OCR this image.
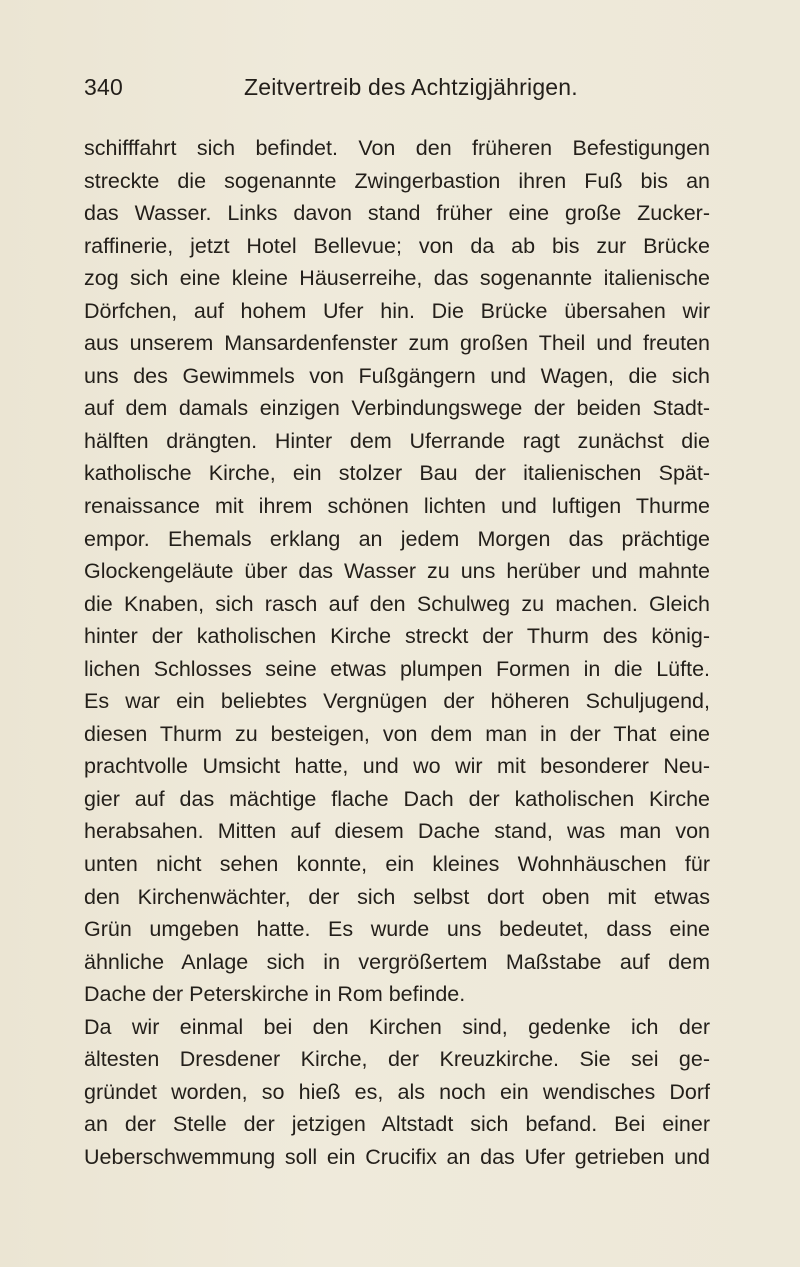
340	Zeitvertreib des Achtzigjährigen.
schifffahrt sich befindet. Von den früheren Befestigungen
streckte die sogenannte Zwingerbastion ihren Fuß bis an
das Wasser. Links davon stand früher eine große Zucker-
raffinerie, jetzt Hotel Bellevue; von da ab bis zur Brücke
zog sich eine kleine Häuserreihe, das sogenannte italienische
Dörfchen, auf hohem Ufer hin. Die Brücke übersahen wir
aus unserem Mansardenfenster zum großen Theil und freuten
uns des Gewimmels von Fußgängern und Wagen, die sich
auf dem damals einzigen Verbindungswege der beiden Stadt-
hälften drängten. Hinter dem Uferrande ragt zunächst die
katholische Kirche, ein stolzer Bau der italienischen Spät-
renaissance mit ihrem schönen lichten und luftigen Thurme
empor. Ehemals erklang an jedem Morgen das prächtige
Glockengeläute über das Wasser zu uns herüber und mahnte
die Knaben, sich rasch auf den Schulweg zu machen. Gleich
hinter der katholischen Kirche streckt der Thurm des könig-
lichen Schlosses seine etwas plumpen Formen in die Lüfte.
Es war ein beliebtes Vergnügen der höheren Schuljugend,
diesen Thurm zu besteigen, von dem man in der That eine
prachtvolle Umsicht hatte, und wo wir mit besonderer Neu-
gier auf das mächtige flache Dach der katholischen Kirche
herabsahen. Mitten auf diesem Dache stand, was man von
unten nicht sehen konnte, ein kleines Wohnhäuschen für
den Kirchenwächter, der sich selbst dort oben mit etwas
Grün umgeben hatte. Es wurde uns bedeutet, dass eine
ähnliche Anlage sich in vergrößertem Maßstabe auf dem
Dache der Peterskirche in Rom befinde.
Da wir einmal bei den Kirchen sind, gedenke ich der
ältesten Dresdener Kirche, der Kreuzkirche. Sie sei ge-
gründet worden, so hieß es, als noch ein wendisches Dorf
an der Stelle der jetzigen Altstadt sich befand. Bei einer
Ueberschwemmung soll ein Crucifix an das Ufer getrieben und
